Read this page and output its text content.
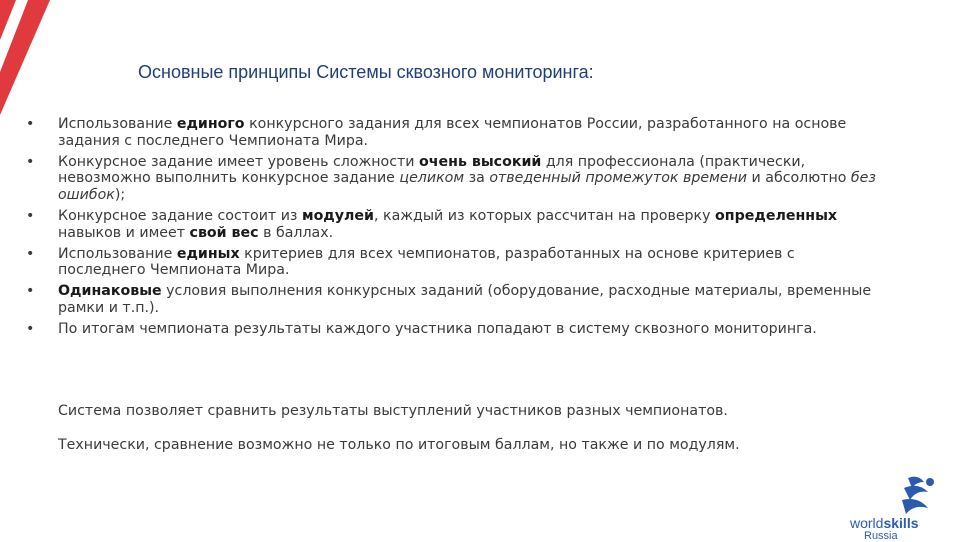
Основные принципы Системы сквозного мониторинга:
• Использование единого конкурсного задания для всех чемпионатов России, разработанного на основе задания с последнего Чемпионата Мира.
• Конкурсное задание имеет уровень сложности очень высокий для профессионала (практически, невозможно выполнить конкурсное задание целиком за отведенный промежуток времени и абсолютно без ошибок);
• Конкурсное задание состоит из модулей, каждый из которых рассчитан на проверку определенных навыков и имеет свой вес в баллах.
• Использование единых критериев для всех чемпионатов, разработанных на основе критериев с последнего Чемпионата Мира.
• Одинаковые условия выполнения конкурсных заданий (оборудование, расходные материалы, временные рамки и т.п.).
• По итогам чемпионата результаты каждого участника попадают в систему сквозного мониторинга.
Система позволяет сравнить результаты выступлений участников разных чемпионатов.
Технически, сравнение возможно не только по итоговым баллам, но также и по модулям.
worldskills
Russia
